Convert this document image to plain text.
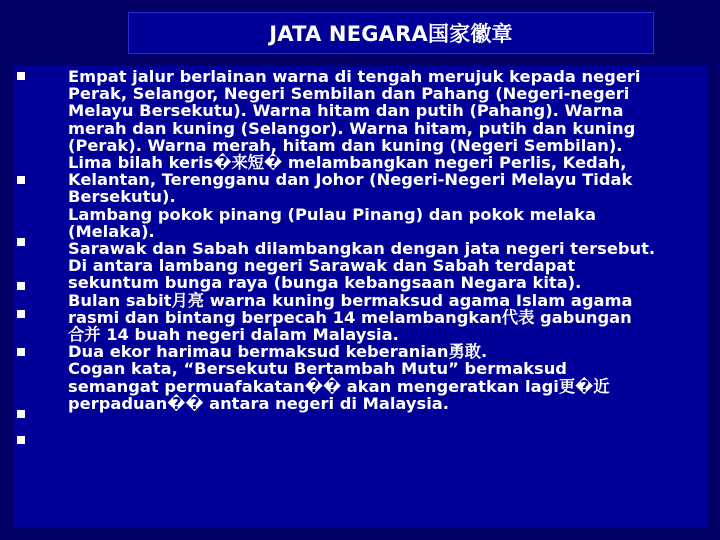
JATA NEGARA国家徽章
Empat jalur berlainan warna di tengah merujuk kepada negeri
Perak, Selangor, Negeri Sembilan dan Pahang (Negeri-negeri
Melayu Bersekutu). Warna hitam dan putih (Pahang). Warna
merah dan kuning (Selangor). Warna hitam, putih dan kuning
(Perak). Warna merah, hitam dan kuning (Negeri Sembilan).
Lima bilah keris�来短� melambangkan negeri Perlis, Kedah,
Kelantan, Terengganu dan Johor (Negeri-Negeri Melayu Tidak
Bersekutu).
Lambang pokok pinang (Pulau Pinang) dan pokok melaka
(Melaka).
Sarawak dan Sabah dilambangkan dengan jata negeri tersebut.
Di antara lambang negeri Sarawak dan Sabah terdapat
sekuntum bunga raya (bunga kebangsaan Negara kita).
Bulan sabit月亮 warna kuning bermaksud agama Islam agama
rasmi dan bintang berpecah 14 melambangkan代表 gabungan
合并 14 buah negeri dalam Malaysia.
Dua ekor harimau bermaksud keberanian勇敢.
Cogan kata, “Bersekutu Bertambah Mutu” bermaksud
semangat permuafakatan�� akan mengeratkan lagi更�近
perpaduan�� antara negeri di Malaysia.
